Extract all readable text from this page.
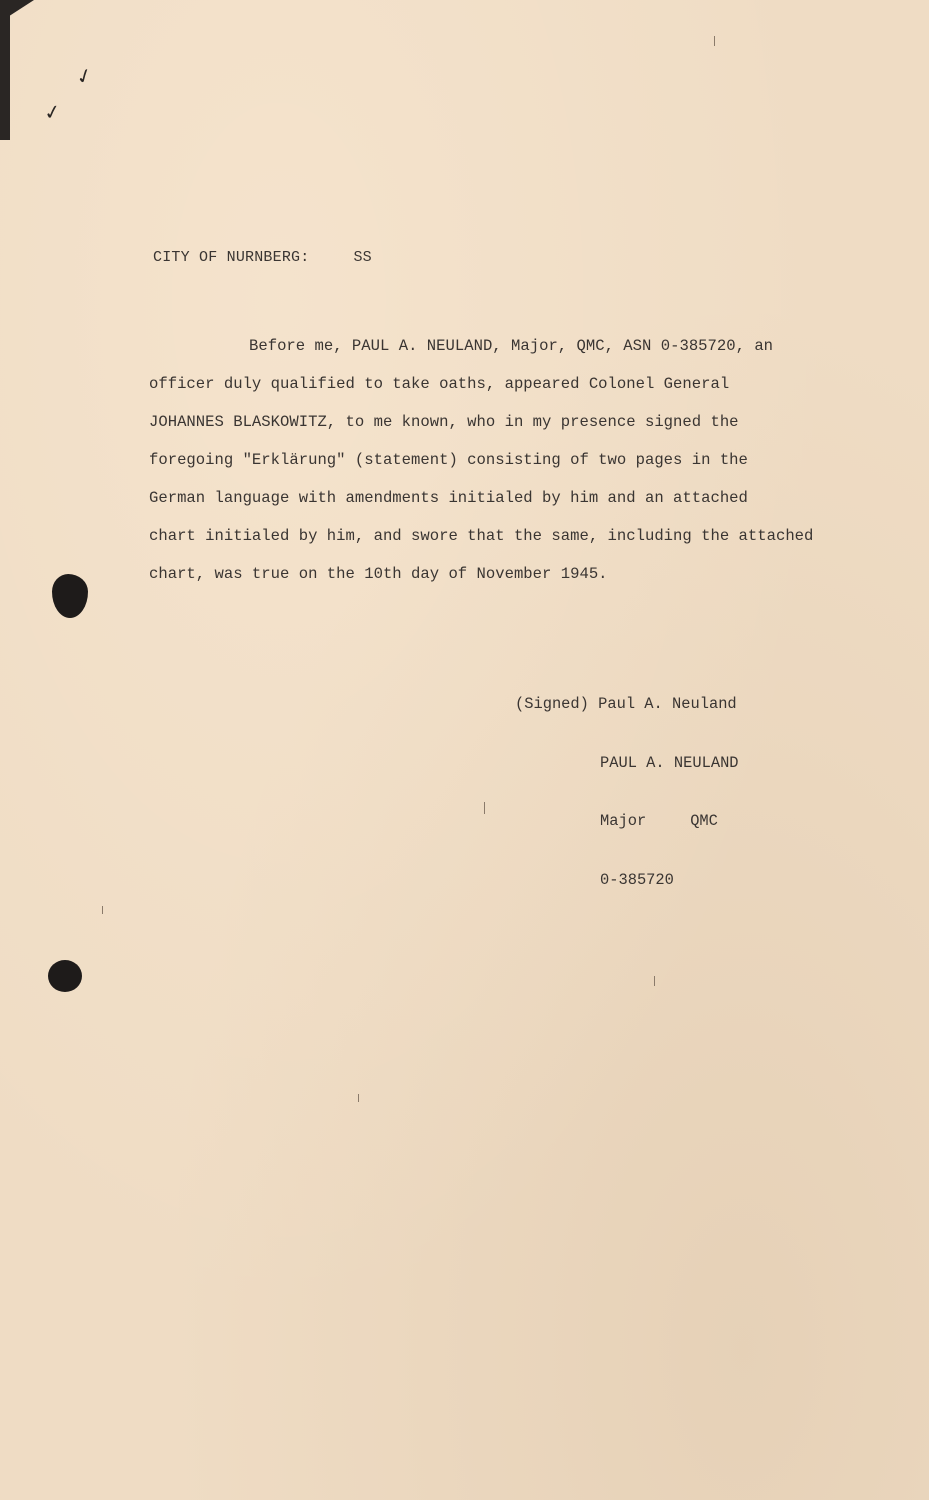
✓
✓
CITY OF NURNBERG:	SS
Before me, PAUL A. NEULAND, Major, QMC, ASN 0-385720, an
officer duly qualified to take oaths, appeared Colonel General
JOHANNES BLASKOWITZ, to me known, who in my presence signed the
foregoing "Erklärung" (statement) consisting of two pages in the
German language with amendments initialed by him and an attached
chart initialed by him, and swore that the same, including the attached
chart, was true on the 10th day of November 1945.

(Signed) Paul A. Neuland

PAUL A. NEULAND

Major	QMC

0-385720
